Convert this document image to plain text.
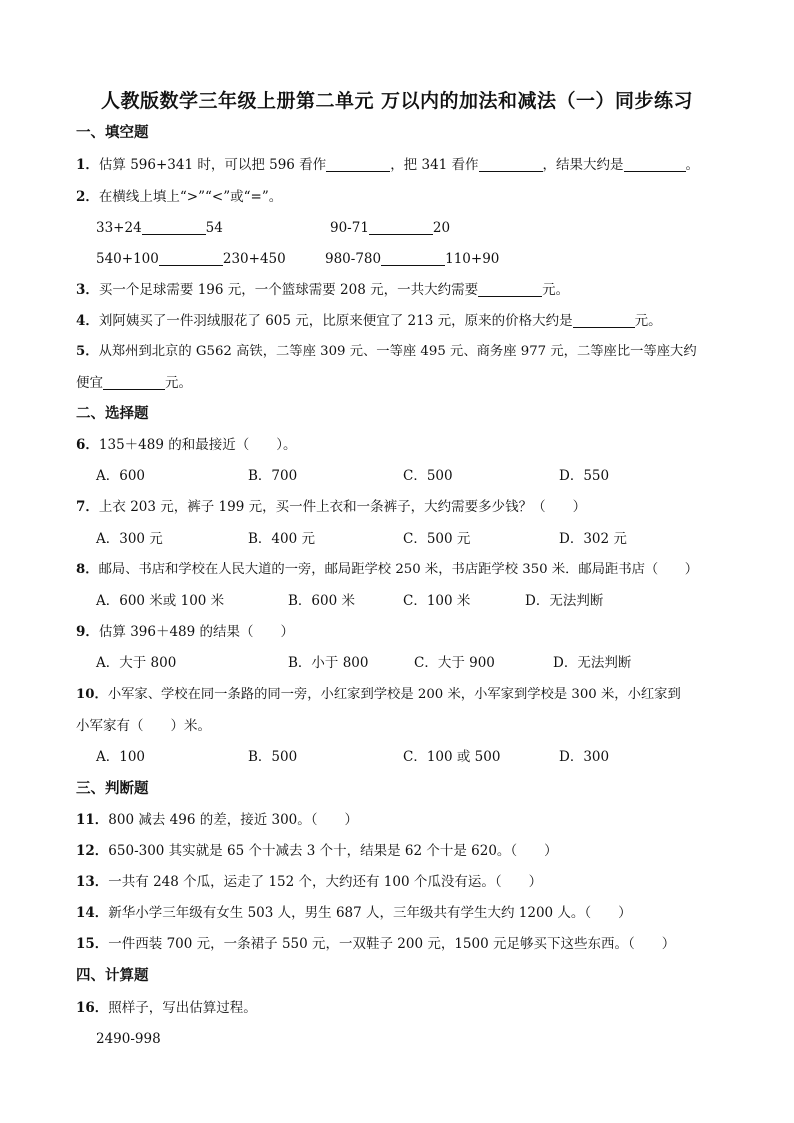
人教版数学三年级上册第二单元 万以内的加法和减法（一）同步练习
一、填空题
1．估算 596+341 时，可以把 596 看作	，把 341 看作	，结果大约是	。
2．在横线上填上“>”“<”或“=”。
33+24	54	90-71	20
540+100	230+450	980-780	110+90
3．买一个足球需要 196 元，一个篮球需要 208 元，一共大约需要	元。
4．刘阿姨买了一件羽绒服花了 605 元，比原来便宜了 213 元，原来的价格大约是	元。
5．从郑州到北京的 G562 高铁，二等座 309 元、一等座 495 元、商务座 977 元，二等座比一等座大约
便宜	元。
二、选择题
6．135＋489 的和最接近（　　）。
A．600	B．700	C．500	D．550
7．上衣 203 元，裤子 199 元，买一件上衣和一条裤子，大约需要多少钱？（　　）
A．300 元	B．400 元	C．500 元	D．302 元
8．邮局、书店和学校在人民大道的一旁，邮局距学校 250 米，书店距学校 350 米．邮局距书店（　　）
A．600 米或 100 米	B．600 米	C．100 米	D．无法判断
9．估算 396＋489 的结果（　　）
A．大于 800	B．小于 800	C．大于 900	D．无法判断
10．小军家、学校在同一条路的同一旁，小红家到学校是 200 米，小军家到学校是 300 米，小红家到
小军家有（　　）米。
A．100	B．500	C．100 或 500	D．300
三、判断题
11．800 减去 496 的差，接近 300。（　　）
12．650-300 其实就是 65 个十减去 3 个十，结果是 62 个十是 620。（　　）
13．一共有 248 个瓜，运走了 152 个，大约还有 100 个瓜没有运。（　　）
14．新华小学三年级有女生 503 人，男生 687 人，三年级共有学生大约 1200 人。（　　）
15．一件西装 700 元，一条裙子 550 元，一双鞋子 200 元，1500 元足够买下这些东西。（　　）
四、计算题
16．照样子，写出估算过程。
2490-998
